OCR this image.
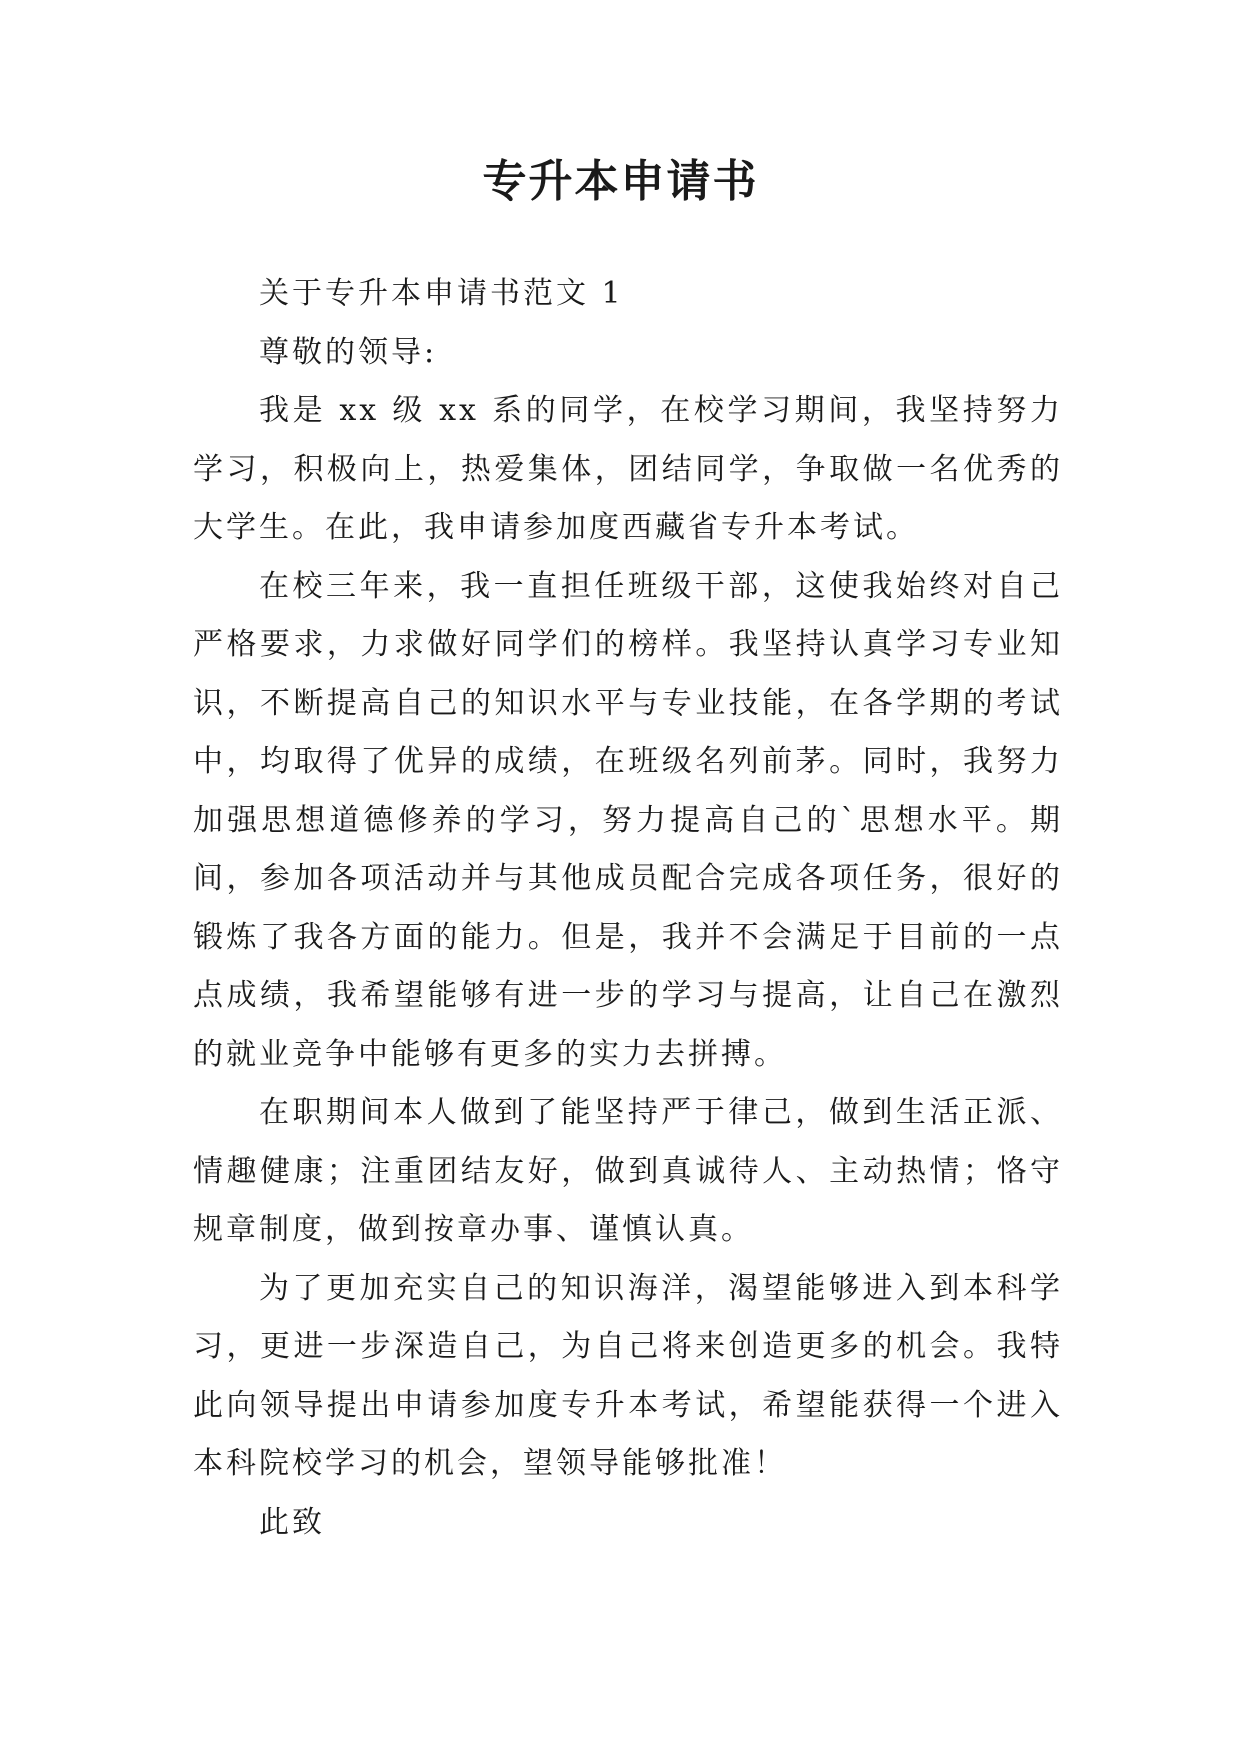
专升本申请书

关于专升本申请书范文 1

尊敬的领导:

我是 xx 级 xx 系的同学，在校学习期间，我坚持努力学习，积极向上，热爱集体，团结同学，争取做一名优秀的大学生。在此，我申请参加度西藏省专升本考试。

在校三年来，我一直担任班级干部，这使我始终对自己严格要求，力求做好同学们的榜样。我坚持认真学习专业知识，不断提高自己的知识水平与专业技能，在各学期的考试中，均取得了优异的成绩，在班级名列前茅。同时，我努力加强思想道德修养的学习，努力提高自己的`思想水平。期间，参加各项活动并与其他成员配合完成各项任务，很好的锻炼了我各方面的能力。但是，我并不会满足于目前的一点点成绩，我希望能够有进一步的学习与提高，让自己在激烈的就业竞争中能够有更多的实力去拼搏。

在职期间本人做到了能坚持严于律己，做到生活正派、情趣健康；注重团结友好，做到真诚待人、主动热情；恪守规章制度，做到按章办事、谨慎认真。

为了更加充实自己的知识海洋，渴望能够进入到本科学习，更进一步深造自己，为自己将来创造更多的机会。我特此向领导提出申请参加度专升本考试，希望能获得一个进入本科院校学习的机会，望领导能够批准！

此致
